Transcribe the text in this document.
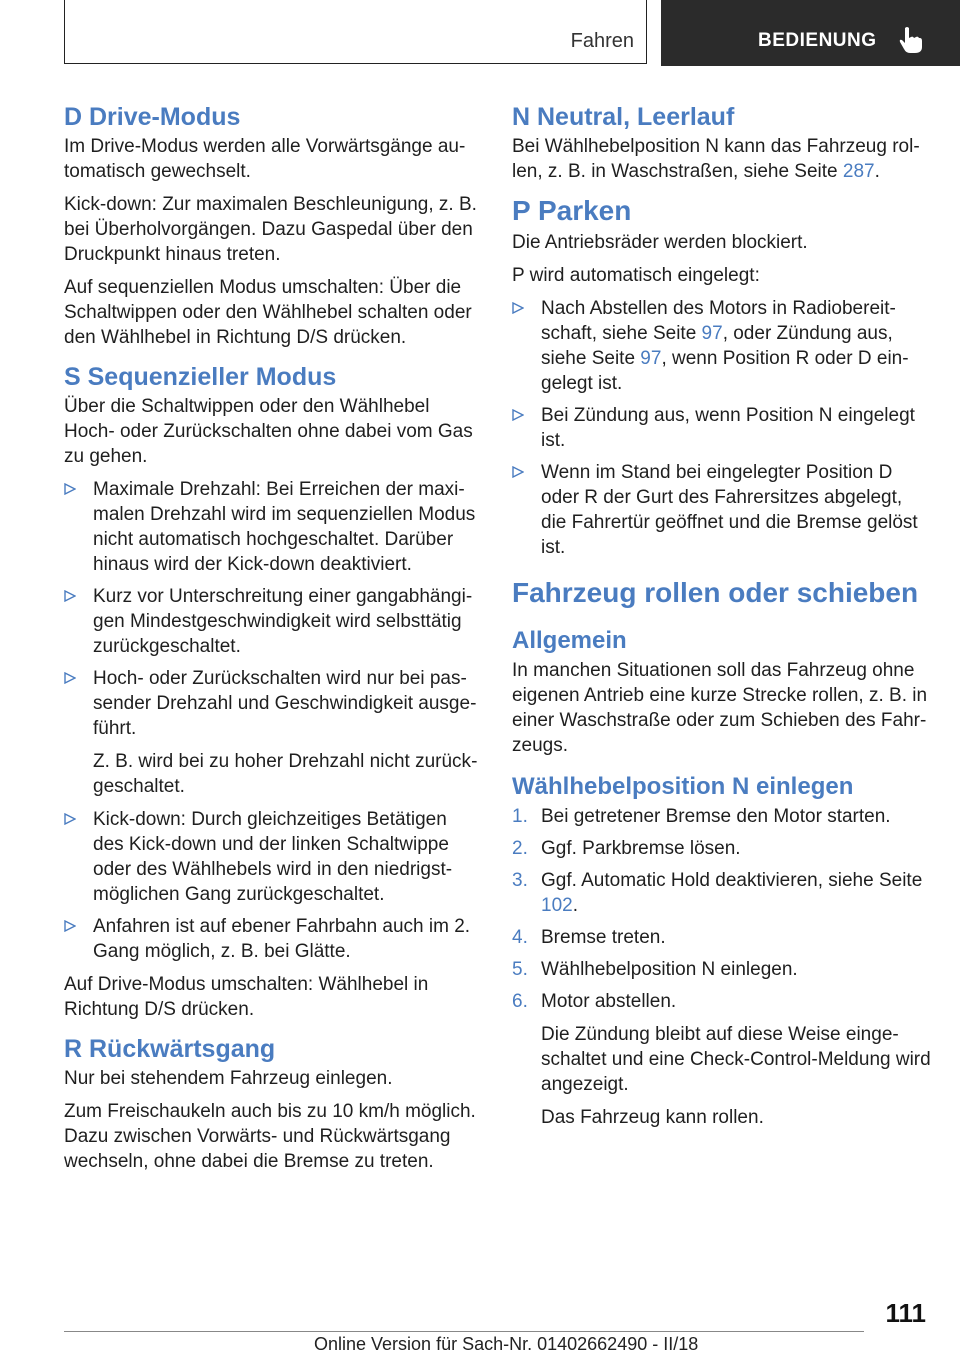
Fahren	BEDIENUNG
D Drive-Modus

Im Drive-Modus werden alle Vorwärtsgänge automatisch gewechselt.

Kick-down: Zur maximalen Beschleunigung, z. B. bei Überholvorgängen. Dazu Gaspedal über den Druckpunkt hinaus treten.

Auf sequenziellen Modus umschalten: Über die Schaltwippen oder den Wählhebel schalten oder den Wählhebel in Richtung D/S drücken.

S Sequenzieller Modus

Über die Schaltwippen oder den Wählhebel Hoch- oder Zurückschalten ohne dabei vom Gas zu gehen.

Maximale Drehzahl: Bei Erreichen der maximalen Drehzahl wird im sequenziellen Modus nicht automatisch hochgeschaltet. Darüber hinaus wird der Kick-down deaktiviert.
Kurz vor Unterschreitung einer gangabhängigen Mindestgeschwindigkeit wird selbsttätig zurückgeschaltet.
Hoch- oder Zurückschalten wird nur bei passender Drehzahl und Geschwindigkeit ausgeführt.

Z. B. wird bei zu hoher Drehzahl nicht zurückgeschaltet.

Kick-down: Durch gleichzeitiges Betätigen des Kick-down und der linken Schaltwippe oder des Wählhebels wird in den niedrigstmöglichen Gang zurückgeschaltet.
Anfahren ist auf ebener Fahrbahn auch im 2. Gang möglich, z. B. bei Glätte.

Auf Drive-Modus umschalten: Wählhebel in Richtung D/S drücken.

R Rückwärtsgang

Nur bei stehendem Fahrzeug einlegen.

Zum Freischaukeln auch bis zu 10 km/h möglich. Dazu zwischen Vorwärts- und Rückwärtsgang wechseln, ohne dabei die Bremse zu treten.

N Neutral, Leerlauf

Bei Wählhebelposition N kann das Fahrzeug rollen, z. B. in Waschstraßen, siehe Seite 287.

P Parken

Die Antriebsräder werden blockiert.

P wird automatisch eingelegt:

Nach Abstellen des Motors in Radiobereitschaft, siehe Seite 97, oder Zündung aus, siehe Seite 97, wenn Position R oder D eingelegt ist.
Bei Zündung aus, wenn Position N eingelegt ist.
Wenn im Stand bei eingelegter Position D oder R der Gurt des Fahrersitzes abgelegt, die Fahrertür geöffnet und die Bremse gelöst ist.
Fahrzeug rollen oder schieben
Allgemein

In manchen Situationen soll das Fahrzeug ohne eigenen Antrieb eine kurze Strecke rollen, z. B. in einer Waschstraße oder zum Schieben des Fahrzeugs.

Wählhebelposition N einlegen
1. Bei getretener Bremse den Motor starten.
2. Ggf. Parkbremse lösen.
3. Ggf. Automatic Hold deaktivieren, siehe Seite 102.
4. Bremse treten.
5. Wählhebelposition N einlegen.
6. Motor abstellen.

Die Zündung bleibt auf diese Weise eingeschaltet und eine Check-Control-Meldung wird angezeigt.

Das Fahrzeug kann rollen.

111
Online Version für Sach-Nr. 01402662490 - II/18
